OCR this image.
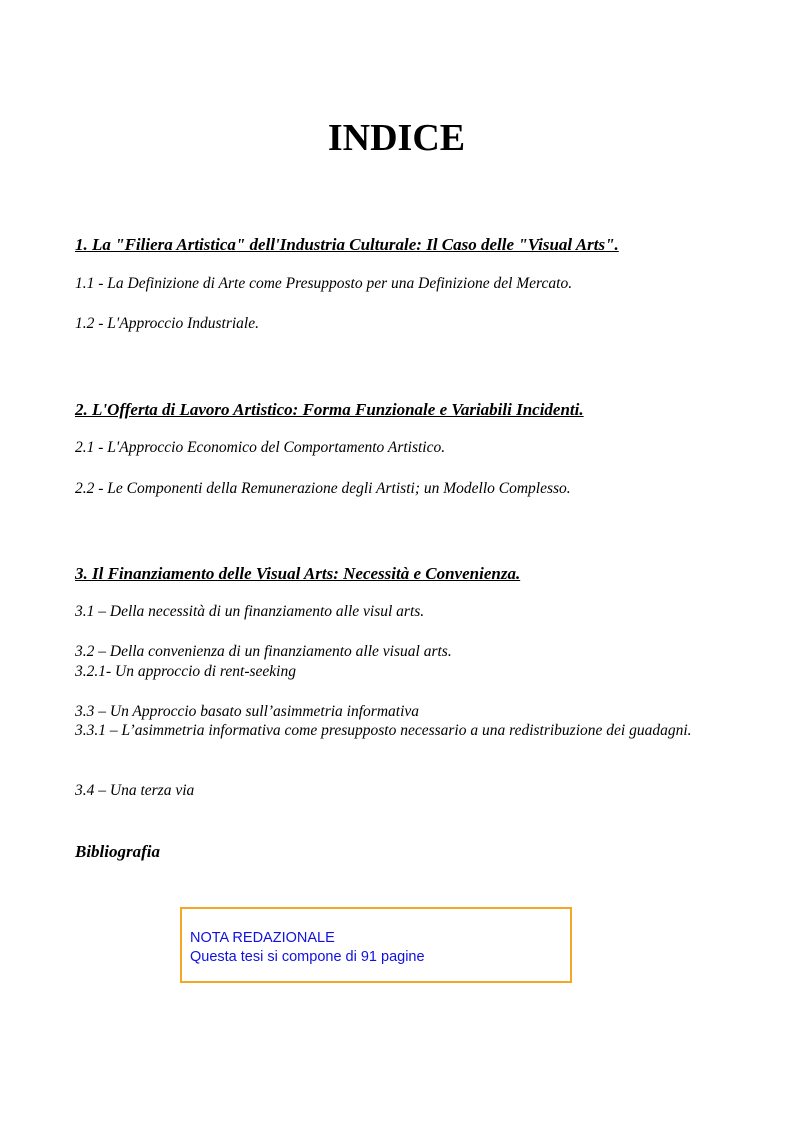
INDICE
1. La "Filiera Artistica" dell'Industria Culturale: Il Caso delle "Visual Arts".
1.1 - La Definizione di Arte come Presupposto per una Definizione del Mercato.
1.2 - L'Approccio Industriale.
2. L'Offerta di Lavoro Artistico: Forma Funzionale e Variabili Incidenti.
2.1 - L'Approccio Economico del Comportamento Artistico.
2.2 - Le Componenti della Remunerazione degli Artisti; un Modello Complesso.
3. Il Finanziamento delle Visual Arts: Necessità e Convenienza.
3.1 – Della necessità di un finanziamento alle visul arts.
3.2 – Della convenienza di un finanziamento alle visual arts.
3.2.1- Un approccio di rent-seeking
3.3 – Un Approccio basato sull’asimmetria informativa
3.3.1 – L’asimmetria informativa come presupposto necessario a una redistribuzione dei guadagni.
3.4 – Una terza via
Bibliografia
NOTA REDAZIONALE
Questa tesi si compone di 91 pagine
